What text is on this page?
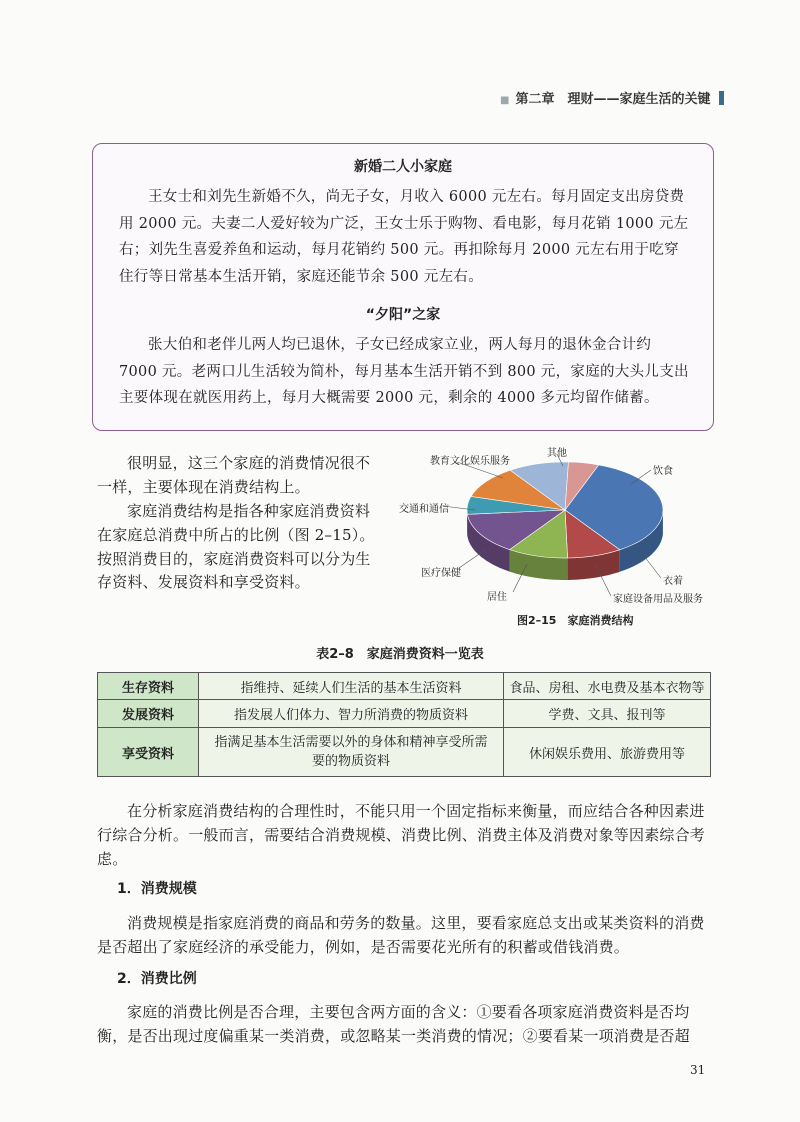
■ 第二章　 理财——家庭生活的关键
新婚二人小家庭
王女士和刘先生新婚不久，尚无子女，月收入 6000 元左右。每月固定支出房贷费用 2000 元。夫妻二人爱好较为广泛，王女士乐于购物、看电影，每月花销 1000 元左右；刘先生喜爱养鱼和运动，每月花销约 500 元。再扣除每月 2000 元左右用于吃穿住行等日常基本生活开销，家庭还能节余 500 元左右。
“夕阳”之家
张大伯和老伴儿两人均已退休，子女已经成家立业，两人每月的退休金合计约 7000 元。老两口儿生活较为简朴，每月基本生活开销不到 800 元，家庭的大头儿支出主要体现在就医用药上，每月大概需要 2000 元，剩余的 4000 多元均留作储蓄。
很明显，这三个家庭的消费情况很不一样，主要体现在消费结构上。
家庭消费结构是指各种家庭消费资料在家庭总消费中所占的比例（图 2–15）。按照消费目的，家庭消费资料可以分为生存资料、发展资料和享受资料。
教育文化娱乐服务
其他
饮食
交通和通信
医疗保健
衣着
家庭设备用品及服务
居住
图2–15　家庭消费结构
表2–8　家庭消费资料一览表
生存资料	指维持、延续人们生活的基本生活资料	食品、房租、水电费及基本衣物等
发展资料	指发展人们体力、智力所消费的物质资料	学费、文具、报刊等
享受资料	指满足基本生活需要以外的身体和精神享受所需要的物质资料	休闲娱乐费用、旅游费用等
在分析家庭消费结构的合理性时，不能只用一个固定指标来衡量，而应结合各种因素进行综合分析。一般而言，需要结合消费规模、消费比例、消费主体及消费对象等因素综合考虑。
1．消费规模
消费规模是指家庭消费的商品和劳务的数量。这里，要看家庭总支出或某类资料的消费是否超出了家庭经济的承受能力，例如，是否需要花光所有的积蓄或借钱消费。
2．消费比例
家庭的消费比例是否合理，主要包含两方面的含义：①要看各项家庭消费资料是否均衡，是否出现过度偏重某一类消费，或忽略某一类消费的情况；②要看某一项消费是否超
31
